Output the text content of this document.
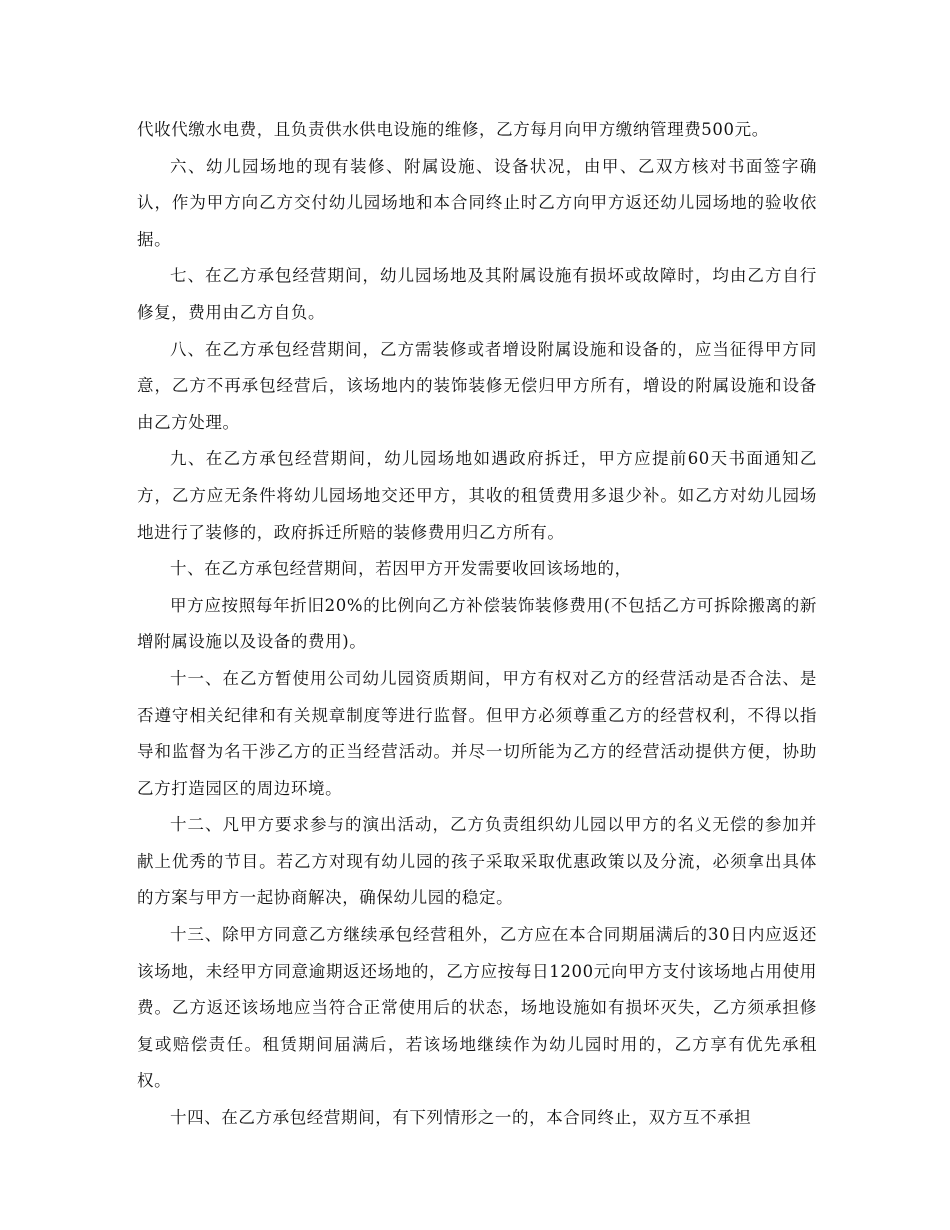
代收代缴水电费，且负责供水供电设施的维修，乙方每月向甲方缴纳管理费500元。

六、幼儿园场地的现有装修、附属设施、设备状况，由甲、乙双方核对书面签字确认，作为甲方向乙方交付幼儿园场地和本合同终止时乙方向甲方返还幼儿园场地的验收依据。

七、在乙方承包经营期间，幼儿园场地及其附属设施有损坏或故障时，均由乙方自行修复，费用由乙方自负。

八、在乙方承包经营期间，乙方需装修或者增设附属设施和设备的，应当征得甲方同意，乙方不再承包经营后，该场地内的装饰装修无偿归甲方所有，增设的附属设施和设备由乙方处理。

九、在乙方承包经营期间，幼儿园场地如遇政府拆迁，甲方应提前60天书面通知乙方，乙方应无条件将幼儿园场地交还甲方，其收的租赁费用多退少补。如乙方对幼儿园场地进行了装修的，政府拆迁所赔的装修费用归乙方所有。

十、在乙方承包经营期间，若因甲方开发需要收回该场地的，

甲方应按照每年折旧20%的比例向乙方补偿装饰装修费用(不包括乙方可拆除搬离的新增附属设施以及设备的费用)。

十一、在乙方暂使用公司幼儿园资质期间，甲方有权对乙方的经营活动是否合法、是否遵守相关纪律和有关规章制度等进行监督。但甲方必须尊重乙方的经营权利，不得以指导和监督为名干涉乙方的正当经营活动。并尽一切所能为乙方的经营活动提供方便，协助乙方打造园区的周边环境。

十二、凡甲方要求参与的演出活动，乙方负责组织幼儿园以甲方的名义无偿的参加并献上优秀的节目。若乙方对现有幼儿园的孩子采取采取优惠政策以及分流，必须拿出具体的方案与甲方一起协商解决，确保幼儿园的稳定。

十三、除甲方同意乙方继续承包经营租外，乙方应在本合同期届满后的30日内应返还该场地，未经甲方同意逾期返还场地的，乙方应按每日1200元向甲方支付该场地占用使用费。乙方返还该场地应当符合正常使用后的状态，场地设施如有损坏灭失，乙方须承担修复或赔偿责任。租赁期间届满后，若该场地继续作为幼儿园时用的，乙方享有优先承租权。

十四、在乙方承包经营期间，有下列情形之一的，本合同终止，双方互不承担
